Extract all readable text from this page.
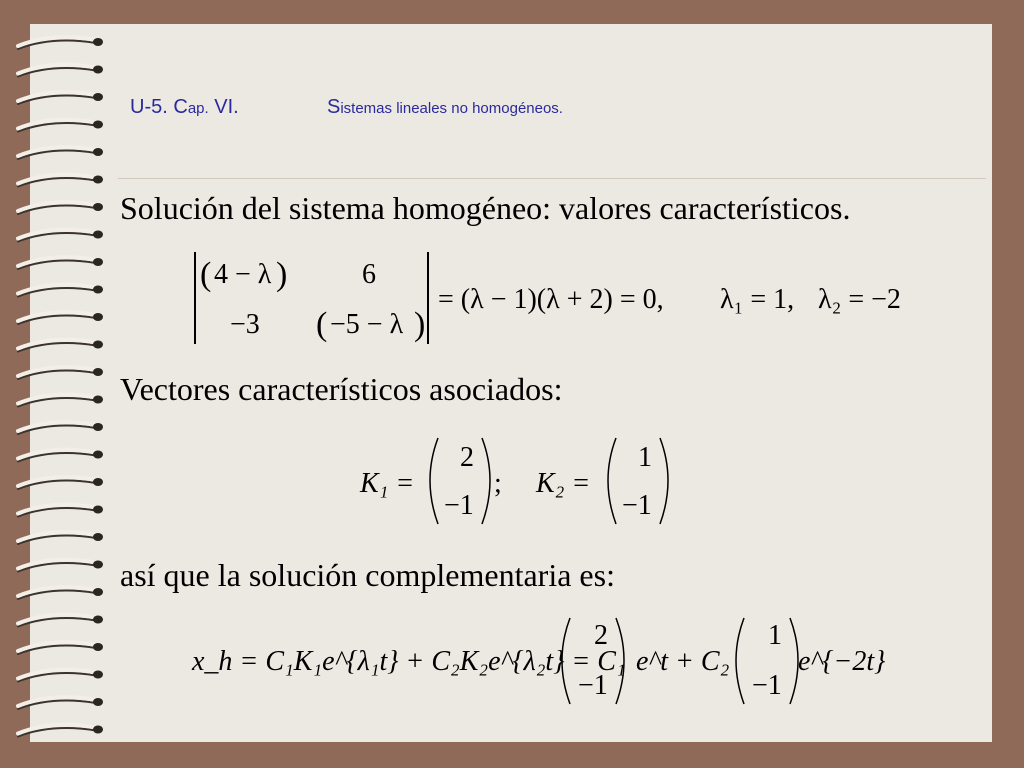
U-5. Cap. VI.	Sistemas lineales no homogéneos.
Solución del sistema homogéneo: valores característicos.
Vectores característicos asociados:
así que la solución complementaria es:
( 4 − λ )	6
−3 ( −5 − λ )
= (λ − 1)(λ + 2) = 0, λ₁ = 1, λ₂ = −2
K₁ =
2
−1
; K₂ =
1
−1
x_h = C₁K₁e^{λ₁t} + C₂K₂e^{λ₂t} = C₁
2
−1
e^t + C₂
1
−1
e^{−2t}
